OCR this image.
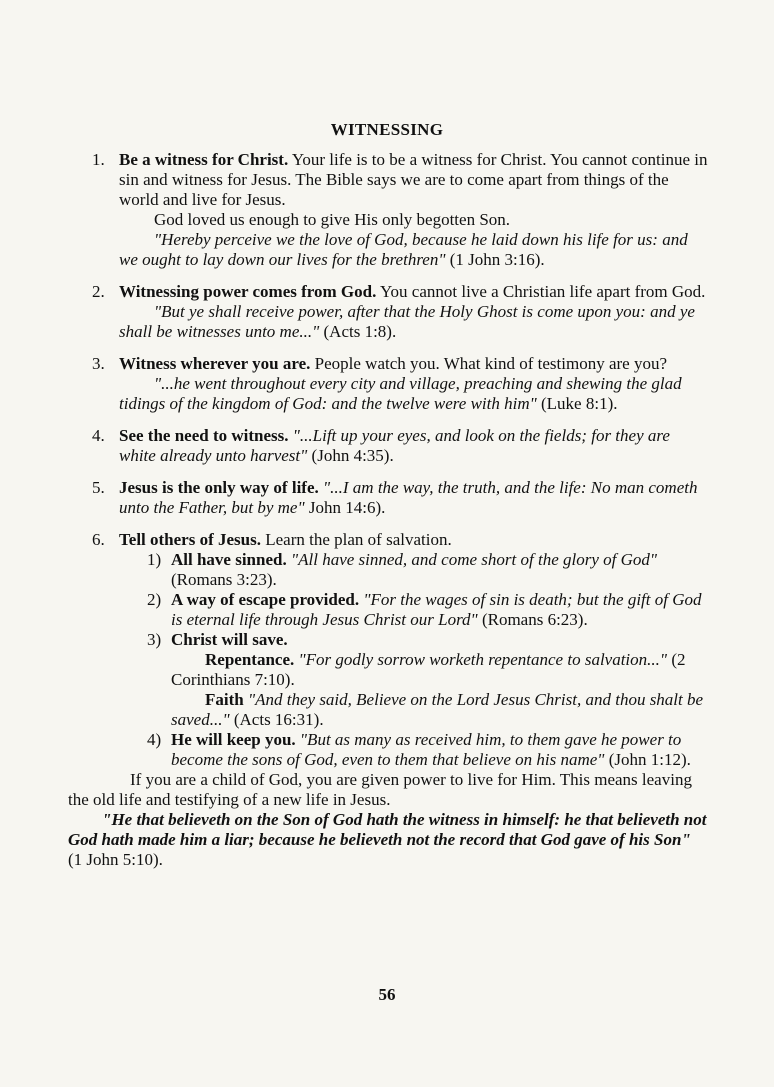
WITNESSING
1. Be a witness for Christ. Your life is to be a witness for Christ. You cannot continue in sin and witness for Jesus. The Bible says we are to come apart from things of the world and live for Jesus.

God loved us enough to give His only begotten Son.

"Hereby perceive we the love of God, because he laid down his life for us: and we ought to lay down our lives for the brethren" (1 John 3:16).

2. Witnessing power comes from God. You cannot live a Christian life apart from God.

"But ye shall receive power, after that the Holy Ghost is come upon you: and ye shall be witnesses unto me..." (Acts 1:8).

3. Witness wherever you are. People watch you. What kind of testimony are you?

"...he went throughout every city and village, preaching and shewing the glad tidings of the kingdom of God: and the twelve were with him" (Luke 8:1).

4. See the need to witness. "...Lift up your eyes, and look on the fields; for they are white already unto harvest" (John 4:35).

5. Jesus is the only way of life. "...I am the way, the truth, and the life: No man cometh unto the Father, but by me" John 14:6).

6. Tell others of Jesus. Learn the plan of salvation.

1) All have sinned. "All have sinned, and come short of the glory of God" (Romans 3:23).

2) A way of escape provided. "For the wages of sin is death; but the gift of God is eternal life through Jesus Christ our Lord" (Romans 6:23).

3) Christ will save.

Repentance. "For godly sorrow worketh repentance to salvation..." (2 Corinthians 7:10).

Faith "And they said, Believe on the Lord Jesus Christ, and thou shalt be saved..." (Acts 16:31).

4) He will keep you. "But as many as received him, to them gave he power to become the sons of God, even to them that believe on his name" (John 1:12).

If you are a child of God, you are given power to live for Him. This means leaving the old life and testifying of a new life in Jesus.

"He that believeth on the Son of God hath the witness in himself: he that believeth not God hath made him a liar; because he believeth not the record that God gave of his Son" (1 John 5:10).

56
